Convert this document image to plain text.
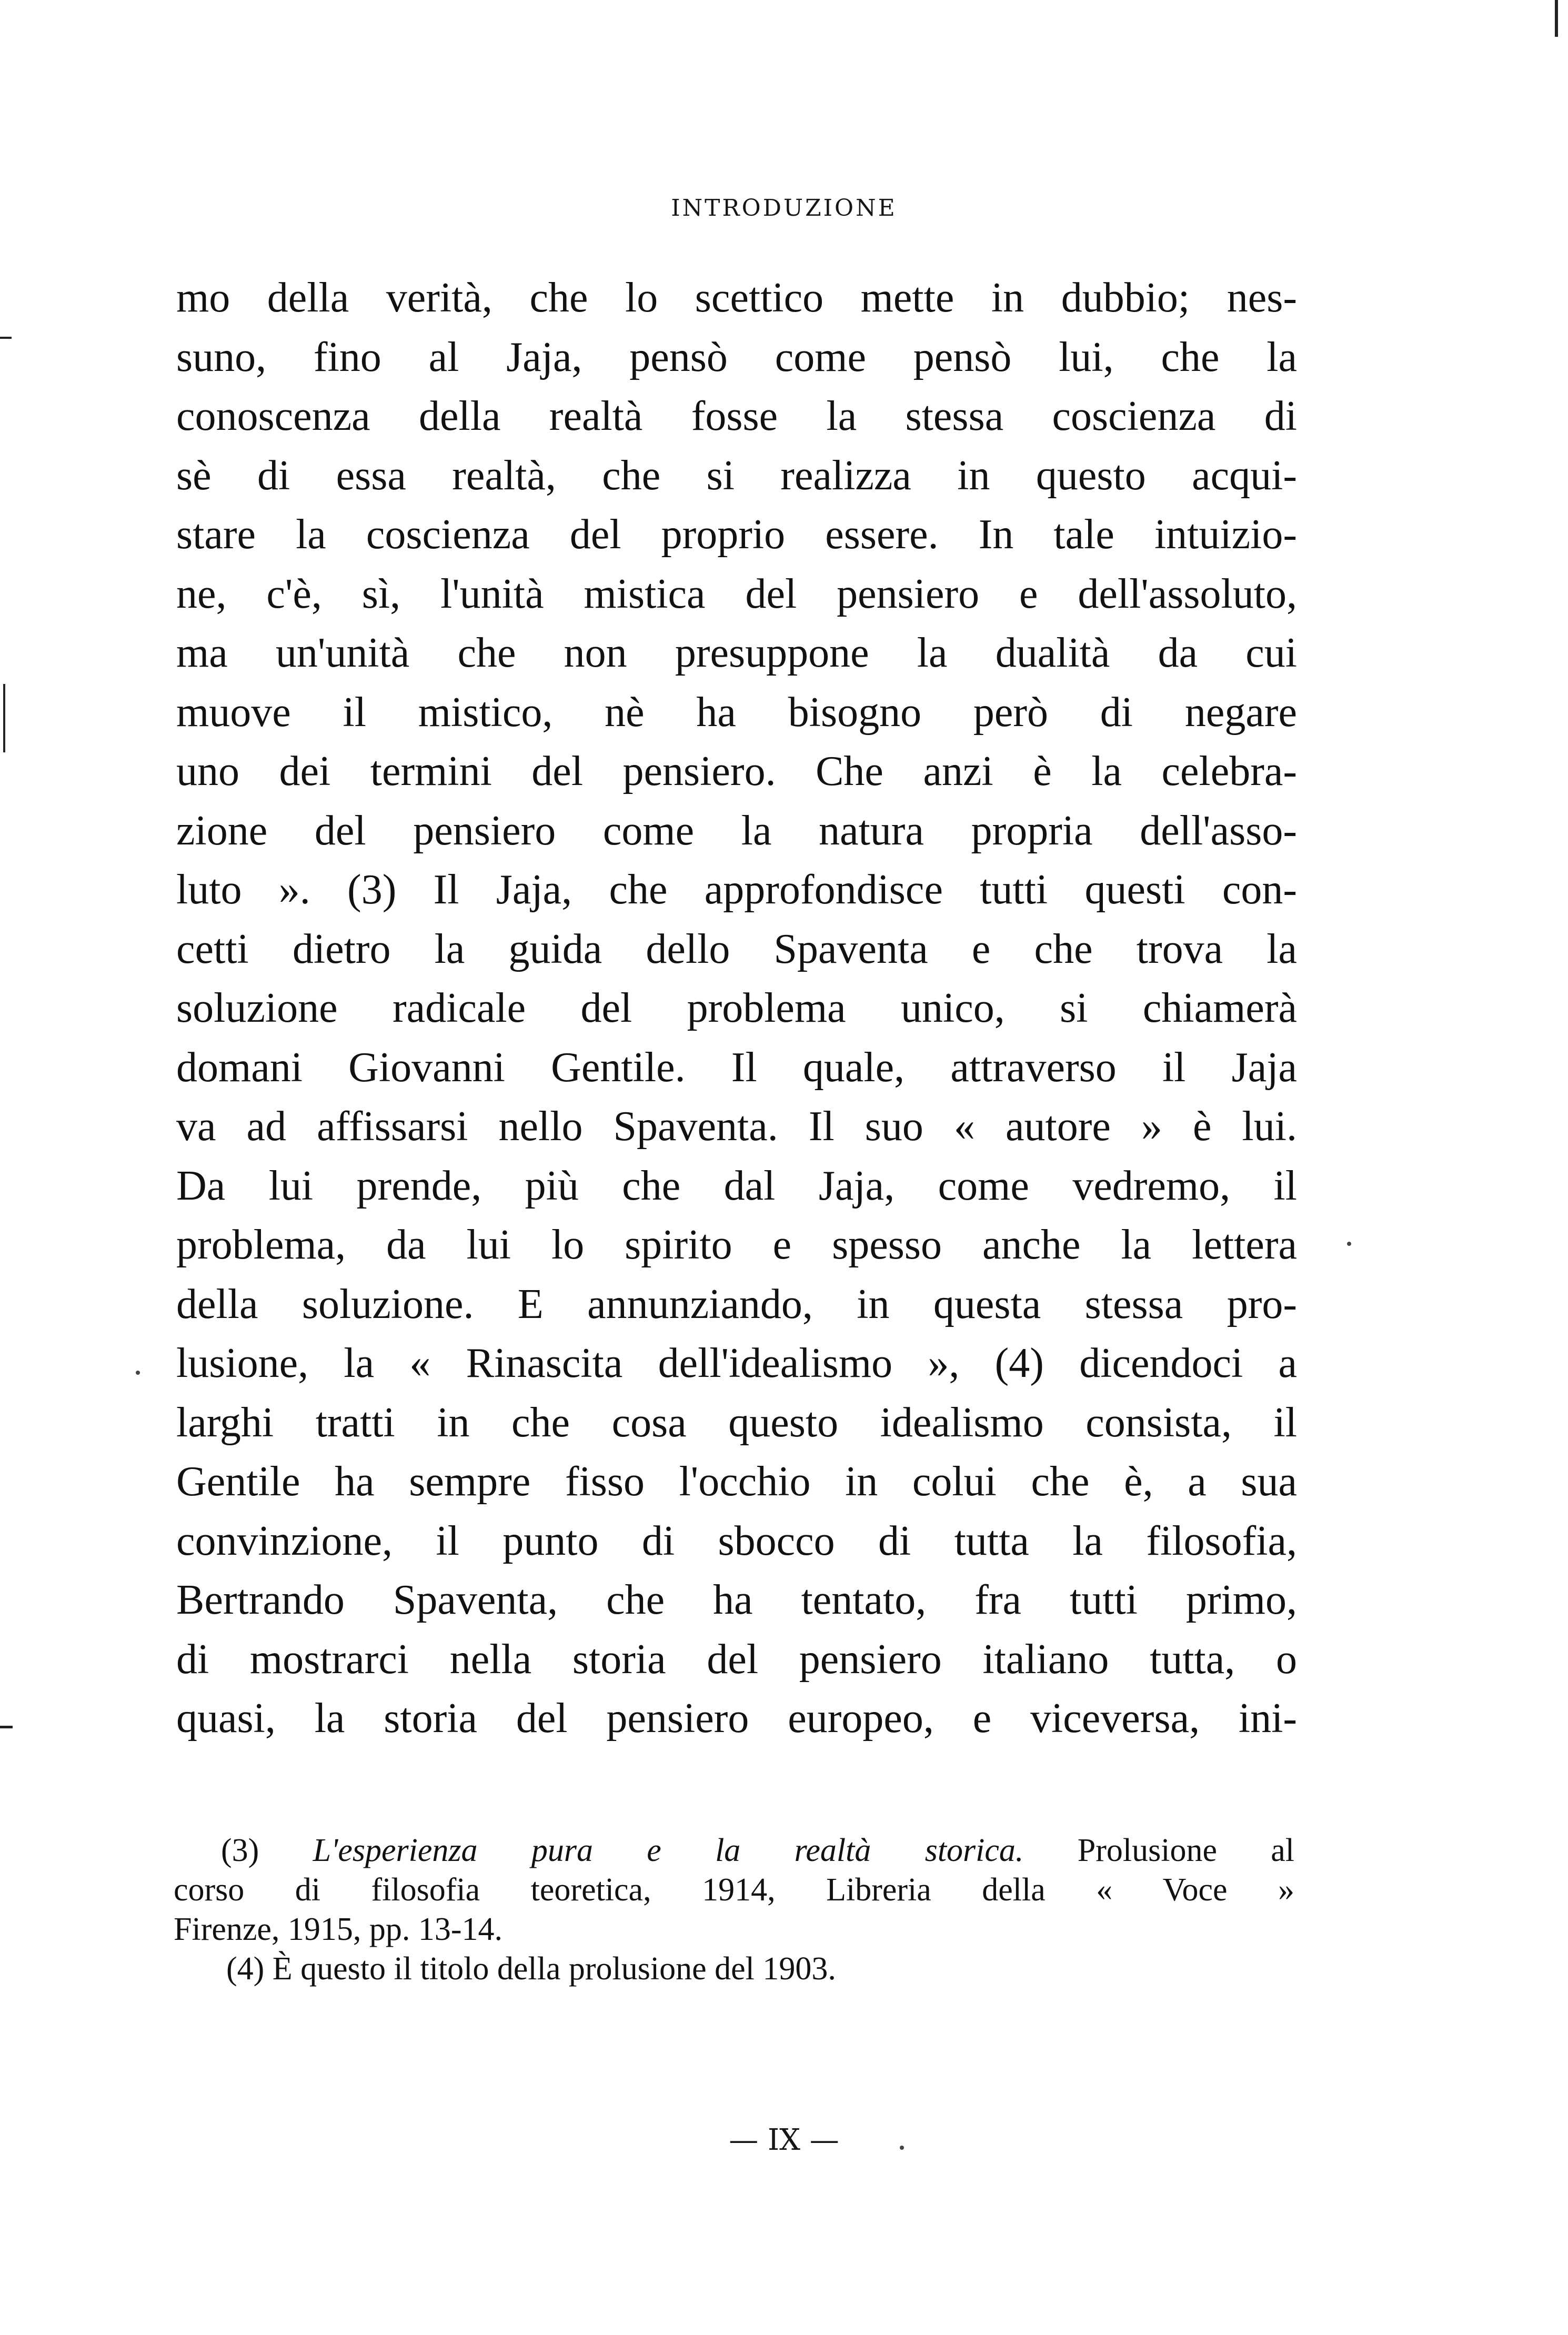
INTRODUZIONE
mo della verità, che lo scettico mette in dubbio; nes-
suno, fino al Jaja, pensò come pensò lui, che la
conoscenza della realtà fosse la stessa coscienza di
sè di essa realtà, che si realizza in questo acqui-
stare la coscienza del proprio essere. In tale intuizio-
ne, c'è, sì, l'unità mistica del pensiero e dell'assoluto,
ma un'unità che non presuppone la dualità da cui
muove il mistico, nè ha bisogno però di negare
uno dei termini del pensiero. Che anzi è la celebra-
zione del pensiero come la natura propria dell'asso-
luto ». (3) Il Jaja, che approfondisce tutti questi con-
cetti dietro la guida dello Spaventa e che trova la
soluzione radicale del problema unico, si chiamerà
domani Giovanni Gentile. Il quale, attraverso il Jaja
va ad affissarsi nello Spaventa. Il suo « autore » è lui.
Da lui prende, più che dal Jaja, come vedremo, il
problema, da lui lo spirito e spesso anche la lettera
della soluzione. E annunziando, in questa stessa pro-
lusione, la « Rinascita dell'idealismo », (4) dicendoci a
larghi tratti in che cosa questo idealismo consista, il
Gentile ha sempre fisso l'occhio in colui che è, a sua
convinzione, il punto di sbocco di tutta la filosofia,
Bertrando Spaventa, che ha tentato, fra tutti primo,
di mostrarci nella storia del pensiero italiano tutta, o
quasi, la storia del pensiero europeo, e viceversa, ini-
(3) L'esperienza pura e la realtà storica. Prolusione al
corso di filosofia teoretica, 1914, Libreria della « Voce »
Firenze, 1915, pp. 13-14.
(4) È questo il titolo della prolusione del 1903.
— IX —
